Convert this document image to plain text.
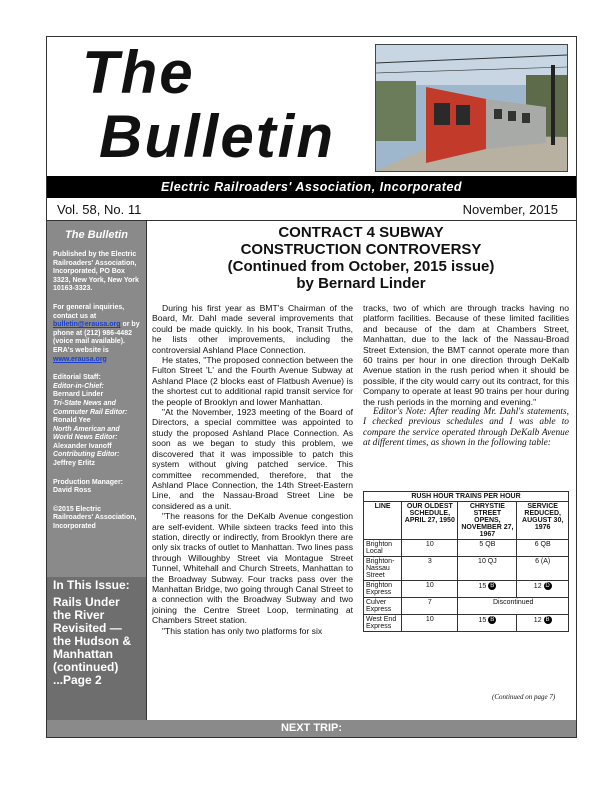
The
Bulletin
Electric Railroaders' Association, Incorporated
Vol. 58, No. 11	November, 2015
The Bulletin
Published by the Electric Railroaders' Association, Incorporated, PO Box 3323, New York, New York 10163-3323.
For general inquiries, contact us at bulletin@erausa.org or by phone at (212) 986-4482 (voice mail available). ERA's website is www.erausa.org
Editorial Staff:
Editor-in-Chief:
Bernard Linder
Tri-State News and Commuter Rail Editor:
Ronald Yee
North American and World News Editor:
Alexander Ivanoff
Contributing Editor:
Jeffrey Erlitz
Production Manager:
David Ross
©2015 Electric Railroaders' Association, Incorporated
In This Issue:
Rails Under the River Revisited — the Hudson & Manhattan (continued) ...Page 2
CONTRACT 4 SUBWAY
CONSTRUCTION CONTROVERSY
(Continued from October, 2015 issue)
by Bernard Linder

During his first year as BMT's Chairman of the Board, Mr. Dahl made several improvements that could be made quickly. In his book, Transit Truths, he lists other improvements, including the controversial Ashland Place Connection.

He states, "The proposed connection between the Fulton Street 'L' and the Fourth Avenue Subway at Ashland Place (2 blocks east of Flatbush Avenue) is the shortest cut to additional rapid transit service for the people of Brooklyn and lower Manhattan.

"At the November, 1923 meeting of the Board of Directors, a special committee was appointed to study the proposed Ashland Place Connection. As soon as we began to study this problem, we discovered that it was impossible to patch this system without giving patched service. This committee recommended, therefore, that the Ashland Place Connection, the 14th Street-Eastern Line, and the Nassau-Broad Street Line be considered as a unit.

"The reasons for the DeKalb Avenue congestion are self-evident. While sixteen tracks feed into this station, directly or indirectly, from Brooklyn there are only six tracks of outlet to Manhattan. Two lines pass through Willoughby Street via Montague Street Tunnel, Whitehall and Church Streets, Manhattan to the Broadway Subway. Four tracks pass over the Manhattan Bridge, two going through Canal Street to a connection with the Broadway Subway and two joining the Centre Street Loop, terminating at Chambers Street station.

"This station has only two platforms for six

tracks, two of which are through tracks having no platform facilities. Because of these limited facilities and because of the dam at Chambers Street, Manhattan, due to the lack of the Nassau-Broad Street Extension, the BMT cannot operate more than 60 trains per hour in one direction through DeKalb Avenue station in the rush period when it should be possible, if the city would carry out its contract, for this Company to operate at least 90 trains per hour during the rush periods in the morning and evening."

Editor's Note: After reading Mr. Dahl's statements, I checked previous schedules and I was able to compare the service operated through DeKalb Avenue at different times, as shown in the following table:

RUSH HOUR TRAINS PER HOUR			
LINE	OUR OLDEST SCHEDULE, APRIL 27, 1950	CHRYSTIE STREET OPENS, NOVEMBER 27, 1967	SERVICE REDUCED, AUGUST 30, 1976
Brighton Local	10	5 QB	6 QB
Brighton-Nassau Street	3	10 QJ	6 (A)
Brighton Express	10	15 B	12 D
Culver Express	7	Discontinued	
West End Express	10	15 B	12 B
(Continued on page 7)
NEXT TRIP:
